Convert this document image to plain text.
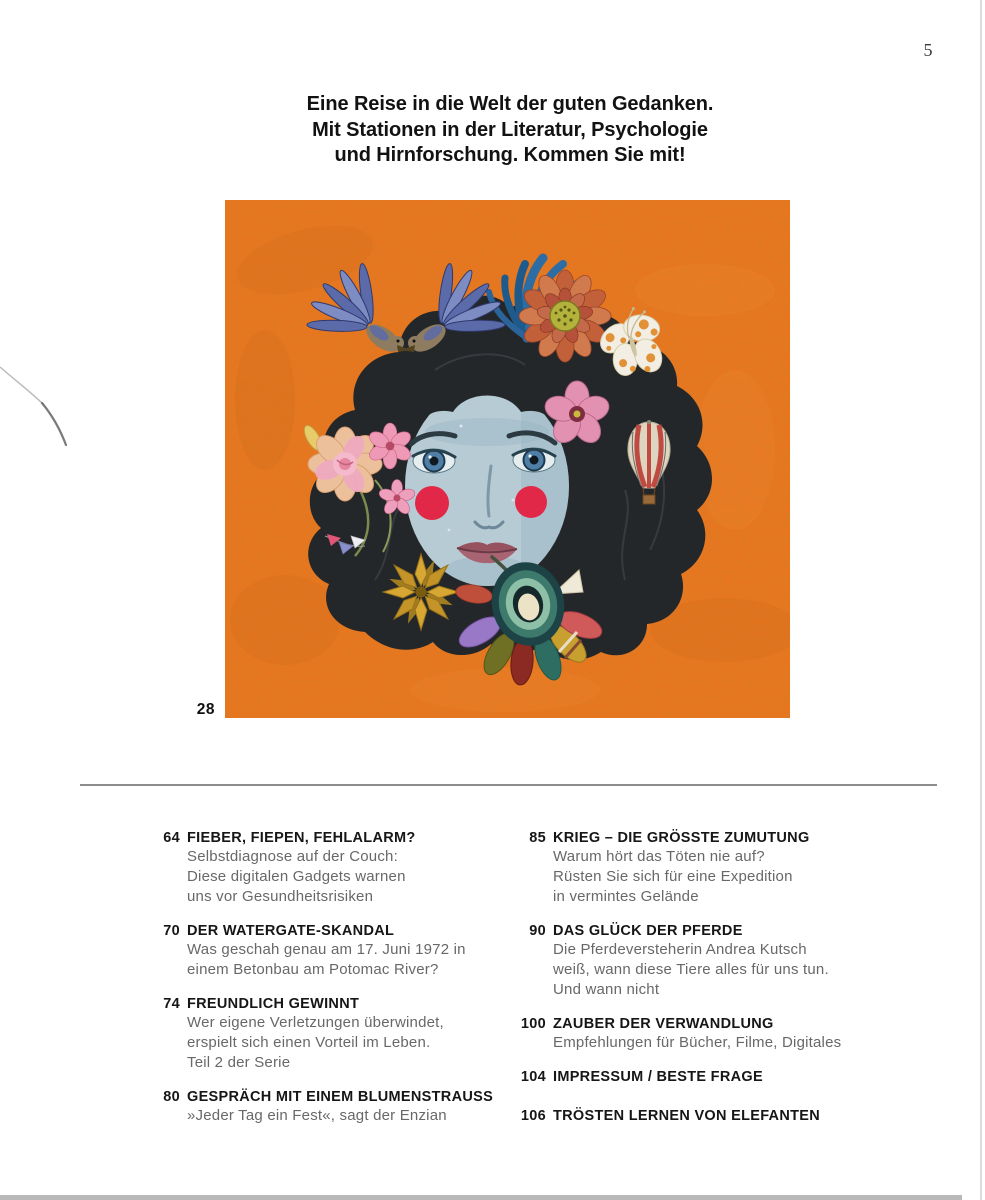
5
Eine Reise in die Welt der guten Gedanken.
Mit Stationen in der Literatur, Psychologie
und Hirnforschung. Kommen Sie mit!
28
64 FIEBER, FIEPEN, FEHLALARM?
Selbstdiagnose auf der Couch:
Diese digitalen Gadgets warnen
uns vor Gesundheitsrisiken
70 DER WATERGATE-SKANDAL
Was geschah genau am 17. Juni 1972 in
einem Betonbau am Potomac River?
74 FREUNDLICH GEWINNT
Wer eigene Verletzungen überwindet,
erspielt sich einen Vorteil im Leben.
Teil 2 der Serie
80 GESPRÄCH MIT EINEM BLUMENSTRAUSS
»Jeder Tag ein Fest«, sagt der Enzian
85 KRIEG – DIE GRÖSSTE ZUMUTUNG
Warum hört das Töten nie auf?
Rüsten Sie sich für eine Expedition
in vermintes Gelände
90 DAS GLÜCK DER PFERDE
Die Pferdeversteherin Andrea Kutsch
weiß, wann diese Tiere alles für uns tun.
Und wann nicht
100 ZAUBER DER VERWANDLUNG
Empfehlungen für Bücher, Filme, Digitales
104 IMPRESSUM / BESTE FRAGE
106 TRÖSTEN LERNEN VON ELEFANTEN
